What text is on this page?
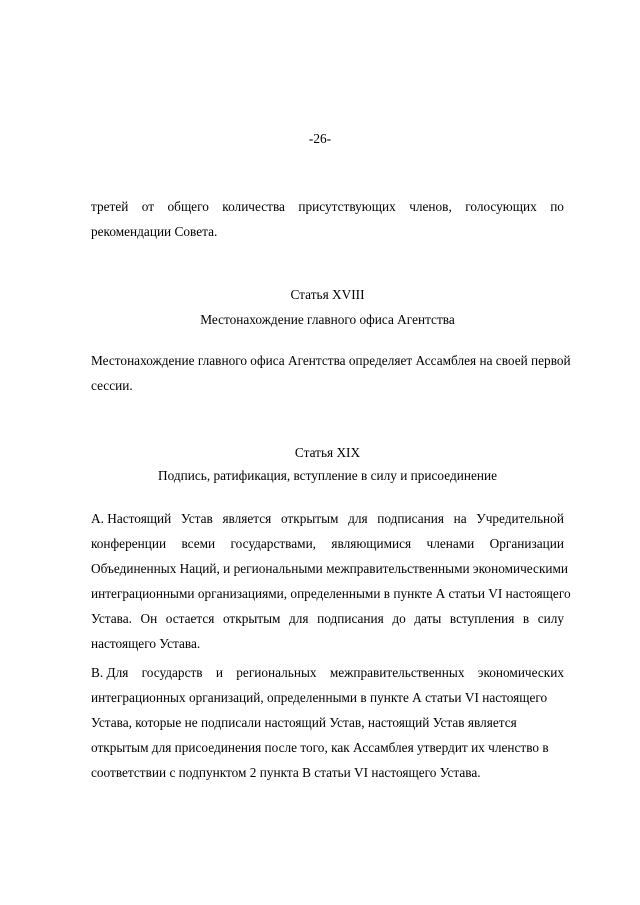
-26-
третей от общего количества присутствующих членов, голосующих по
рекомендации Совета.
Статья XVIII
Местонахождение главного офиса Агентства
Местонахождение главного офиса Агентства определяет Ассамблея на своей первой
сессии.
Статья XIX
Подпись, ратификация, вступление в силу и присоединение
А. Настоящий Устав является открытым для подписания на Учредительной
конференции всеми государствами, являющимися членами Организации
Объединенных Наций, и региональными межправительственными экономическими
интеграционными организациями, определенными в пункте А статьи VI настоящего
Устава. Он остается открытым для подписания до даты вступления в силу
настоящего Устава.
В. Для государств и региональных межправительственных экономических
интеграционных организаций, определенными в пункте А статьи VI настоящего
Устава, которые не подписали настоящий Устав, настоящий Устав является
открытым для присоединения после того, как Ассамблея утвердит их членство в
соответствии с подпунктом 2 пункта В статьи VI настоящего Устава.
